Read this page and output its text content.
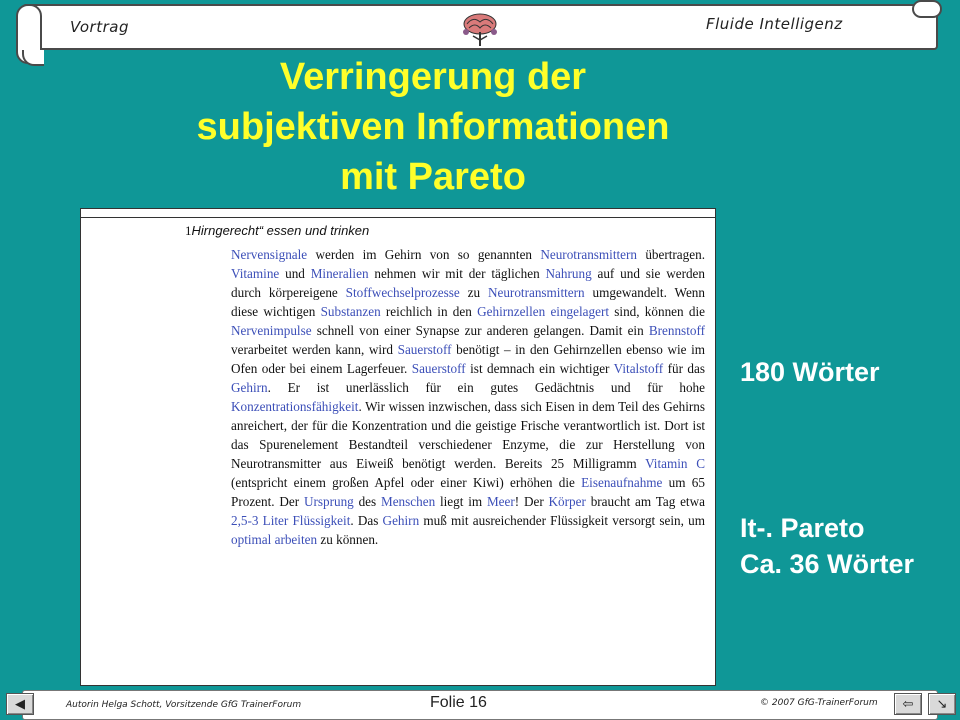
Vortrag	Fluide Intelligenz
Verringerung der
subjektiven Informationen
mit Pareto
1Hirngerecht“ essen und trinken
Nervensignale werden im Gehirn von so genannten Neurotransmittern übertragen. Vitamine und Mineralien nehmen wir mit der täglichen Nahrung auf und sie werden durch körpereigene Stoffwechselprozesse zu Neurotransmittern umgewandelt. Wenn diese wichtigen Substanzen reichlich in den Gehirnzellen eingelagert sind, können die Nervenimpulse schnell von einer Synapse zur anderen gelangen. Damit ein Brennstoff verarbeitet werden kann, wird Sauerstoff benötigt – in den Gehirnzellen ebenso wie im Ofen oder bei einem Lagerfeuer. Sauerstoff ist demnach ein wichtiger Vitalstoff für das Gehirn. Er ist unerlässlich für ein gutes Gedächtnis und für hohe Konzentrationsfähigkeit. Wir wissen inzwischen, dass sich Eisen in dem Teil des Gehirns anreichert, der für die Konzentration und die geistige Frische verantwortlich ist. Dort ist das Spurenelement Bestandteil verschiedener Enzyme, die zur Herstellung von Neurotransmitter aus Eiweiß benötigt werden. Bereits 25 Milligramm Vitamin C (entspricht einem großen Apfel oder einer Kiwi) erhöhen die Eisenaufnahme um 65 Prozent. Der Ursprung des Menschen liegt im Meer! Der Körper braucht am Tag etwa 2,5-3 Liter Flüssigkeit. Das Gehirn muß mit ausreichender Flüssigkeit versorgt sein, um optimal arbeiten zu können.
180 Wörter
It-. Pareto
Ca. 36 Wörter
◀	Autorin Helga Schott, Vorsitzende GfG TrainerForum	Folie 16	© 2007 GfG-TrainerForum ⇦ ↘
